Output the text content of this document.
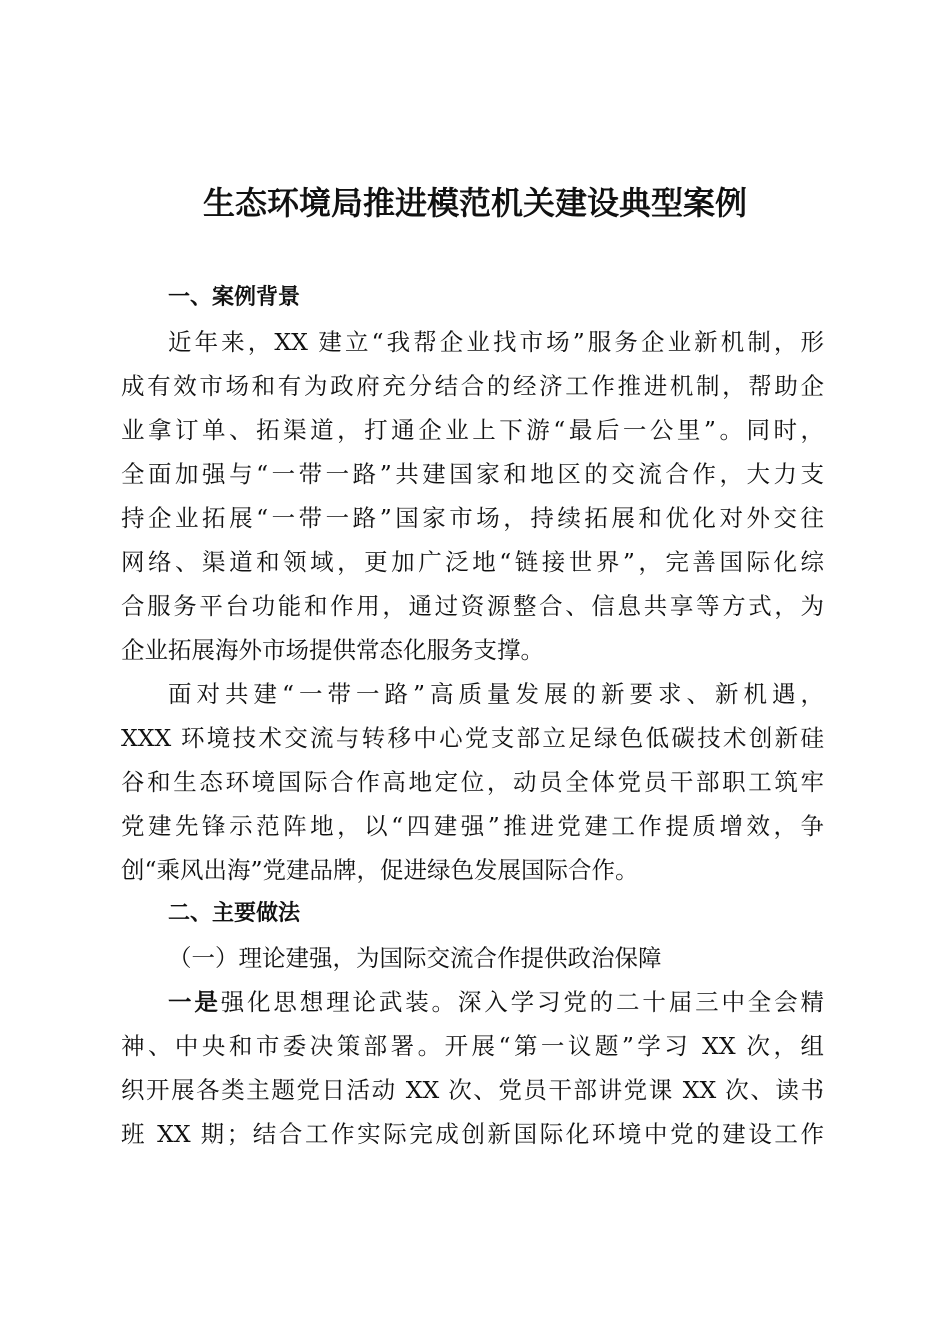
生态环境局推进模范机关建设典型案例
一、案例背景
近年来，XX 建立“我帮企业找市场”服务企业新机制，形
成有效市场和有为政府充分结合的经济工作推进机制，帮助企
业拿订单、拓渠道，打通企业上下游“最后一公里”。同时，
全面加强与“一带一路”共建国家和地区的交流合作，大力支
持企业拓展“一带一路”国家市场，持续拓展和优化对外交往
网络、渠道和领域，更加广泛地“链接世界”，完善国际化综
合服务平台功能和作用，通过资源整合、信息共享等方式，为
企业拓展海外市场提供常态化服务支撑。
面对共建“一带一路”高质量发展的新要求、新机遇，
XXX 环境技术交流与转移中心党支部立足绿色低碳技术创新硅
谷和生态环境国际合作高地定位，动员全体党员干部职工筑牢
党建先锋示范阵地，以“四建强”推进党建工作提质增效，争
创“乘风出海”党建品牌，促进绿色发展国际合作。
二、主要做法
（一）理论建强，为国际交流合作提供政治保障
一是强化思想理论武装。深入学习党的二十届三中全会精
神、中央和市委决策部署。开展“第一议题”学习 XX 次，组
织开展各类主题党日活动 XX 次、党员干部讲党课 XX 次、读书
班 XX 期；结合工作实际完成创新国际化环境中党的建设工作
